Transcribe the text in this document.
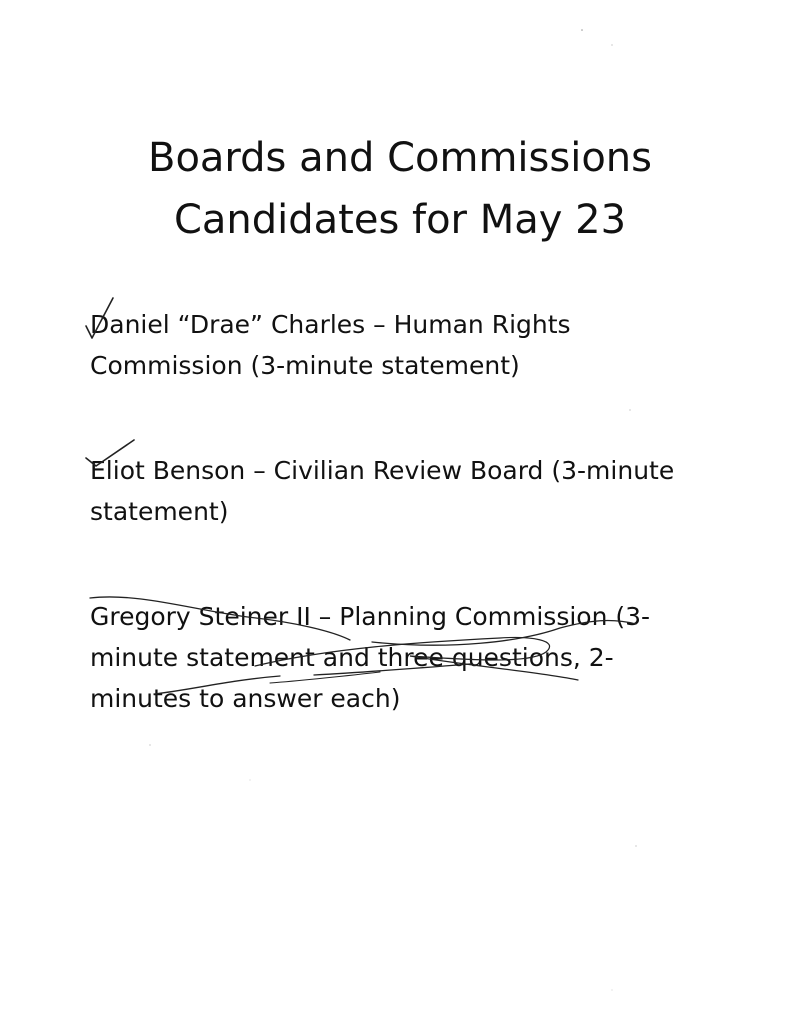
Boards and Commissions
Candidates for May 23
Daniel “Drae” Charles – Human Rights
Commission (3-minute statement)
Eliot Benson – Civilian Review Board (3-minute
statement)
Gregory Steiner II – Planning Commission (3-
minute statement and three questions, 2-
minutes to answer each)
